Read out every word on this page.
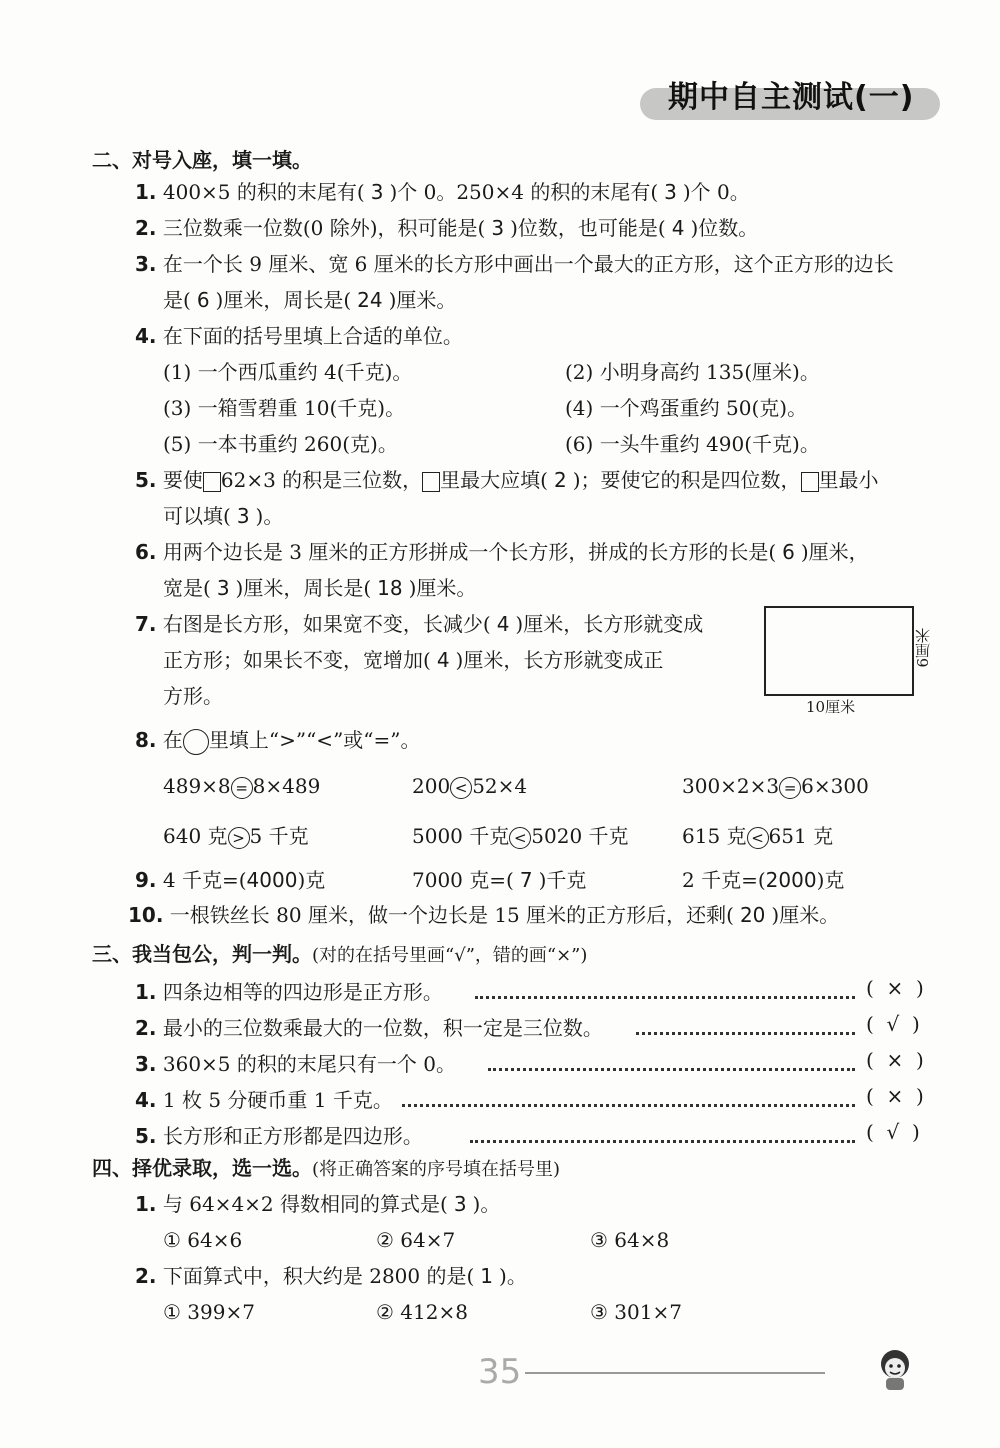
期中自主测试(一)
二、对号入座，填一填。
1. 400×5 的积的末尾有( 3 )个 0。250×4 的积的末尾有( 3 )个 0。
2. 三位数乘一位数(0 除外)，积可能是( 3 )位数，也可能是( 4 )位数。
3. 在一个长 9 厘米、宽 6 厘米的长方形中画出一个最大的正方形，这个正方形的边长
是( 6 )厘米，周长是( 24 )厘米。
4. 在下面的括号里填上合适的单位。
(1) 一个西瓜重约 4(千克)。	(2) 小明身高约 135(厘米)。
(3) 一箱雪碧重 10(千克)。	(4) 一个鸡蛋重约 50(克)。
(5) 一本书重约 260(克)。	(6) 一头牛重约 490(千克)。
5. 要使 62×3 的积是三位数， 里最大应填( 2 )；要使它的积是四位数， 里最小
可以填( 3 )。
6. 用两个边长是 3 厘米的正方形拼成一个长方形，拼成的长方形的长是( 6 )厘米，
宽是( 3 )厘米，周长是( 18 )厘米。
7. 右图是长方形，如果宽不变，长减少( 4 )厘米，长方形就变成
正方形；如果长不变，宽增加( 4 )厘米，长方形就变成正
方形。	10厘米
6厘米
8. 在 里填上“>”“<”或“=”。
489×8 = 8×489	200 < 52×4	300×2×3 = 6×300
640 克 > 5 千克	5000 千克 < 5020 千克	615 克 < 651 克
9. 4 千克=(4000)克	7000 克=( 7 )千克	2 千克=(2000)克
10. 一根铁丝长 80 厘米，做一个边长是 15 厘米的正方形后，还剩( 20 )厘米。
三、我当包公，判一判。(对的在括号里画“√”，错的画“×”)
1. 四条边相等的四边形是正方形。	(  ×  )
2. 最小的三位数乘最大的一位数，积一定是三位数。	(  √  )
3. 360×5 的积的末尾只有一个 0。	(  ×  )
4. 1 枚 5 分硬币重 1 千克。	(  ×  )
5. 长方形和正方形都是四边形。	(  √  )
四、择优录取，选一选。(将正确答案的序号填在括号里)
1. 与 64×4×2 得数相同的算式是( 3 )。
① 64×6	② 64×7	③ 64×8
2. 下面算式中，积大约是 2800 的是( 1 )。
① 399×7	② 412×8	③ 301×7
35
